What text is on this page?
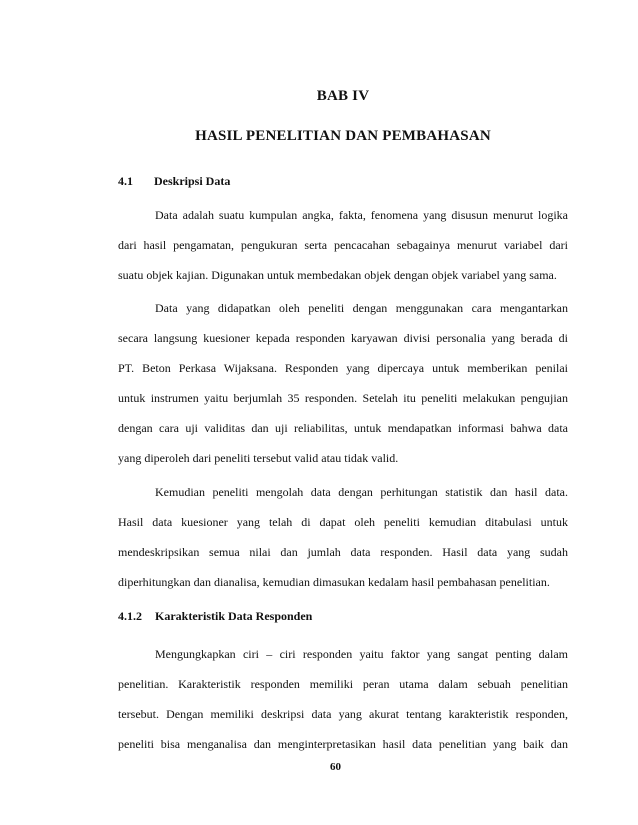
BAB IV
HASIL PENELITIAN DAN PEMBAHASAN
4.1 Deskripsi Data
Data adalah suatu kumpulan angka, fakta, fenomena yang disusun menurut logika
dari hasil pengamatan, pengukuran serta pencacahan sebagainya menurut variabel dari
suatu objek kajian. Digunakan untuk membedakan objek dengan objek variabel yang sama.
Data yang didapatkan oleh peneliti dengan menggunakan cara mengantarkan
secara langsung kuesioner kepada responden karyawan divisi personalia yang berada di
PT. Beton Perkasa Wijaksana. Responden yang dipercaya untuk memberikan penilai
untuk instrumen yaitu berjumlah 35 responden. Setelah itu peneliti melakukan pengujian
dengan cara uji validitas dan uji reliabilitas, untuk mendapatkan informasi bahwa data
yang diperoleh dari peneliti tersebut valid atau tidak valid.
Kemudian peneliti mengolah data dengan perhitungan statistik dan hasil data.
Hasil data kuesioner yang telah di dapat oleh peneliti kemudian ditabulasi untuk
mendeskripsikan semua nilai dan jumlah data responden. Hasil data yang sudah
diperhitungkan dan dianalisa, kemudian dimasukan kedalam hasil pembahasan penelitian.
4.1.2 Karakteristik Data Responden
Mengungkapkan ciri – ciri responden yaitu faktor yang sangat penting dalam
penelitian. Karakteristik responden memiliki peran utama dalam sebuah penelitian
tersebut. Dengan memiliki deskripsi data yang akurat tentang karakteristik responden,
peneliti bisa menganalisa dan menginterpretasikan hasil data penelitian yang baik dan
60
